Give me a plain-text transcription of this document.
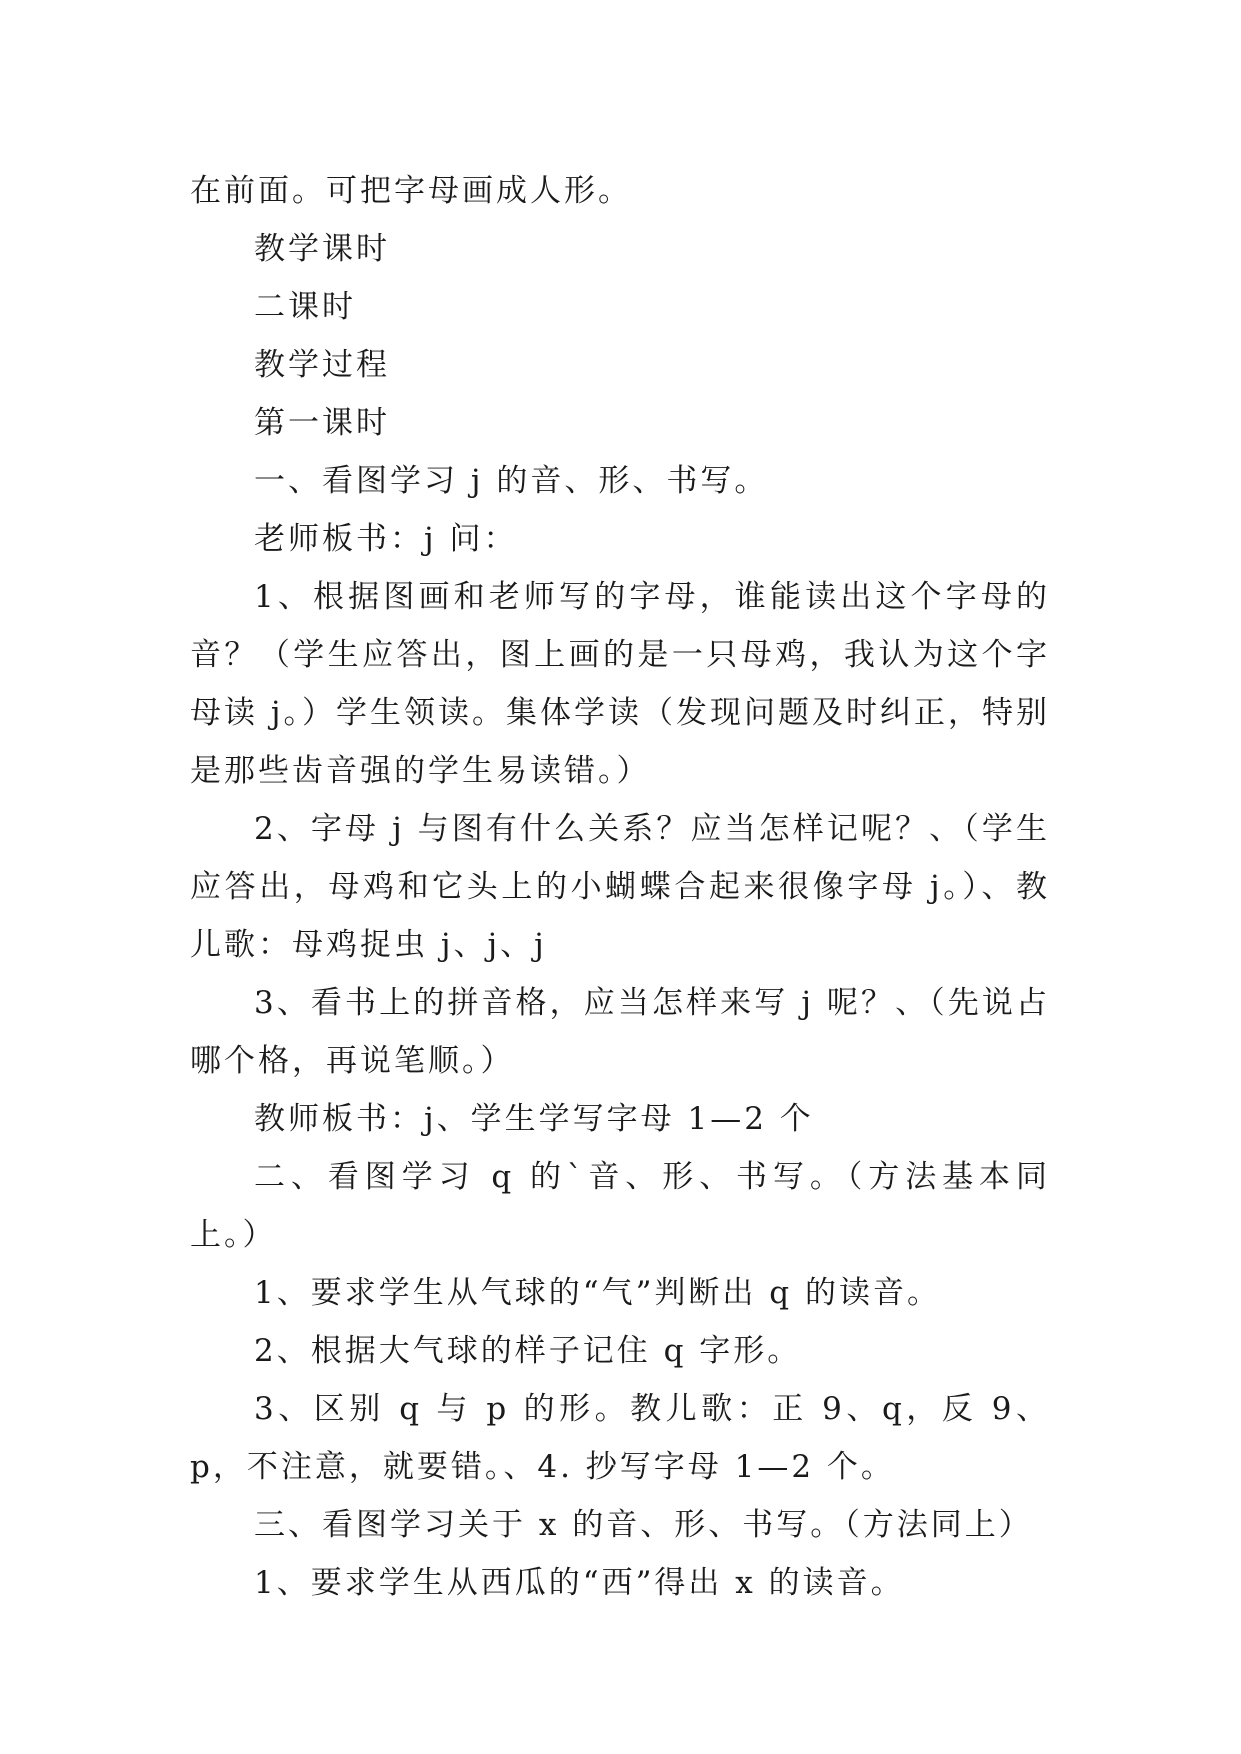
在前面。可把字母画成人形。

教学课时

二课时

教学过程

第一课时

一、看图学习 j 的音、形、书写。

老师板书：j 问：

1、根据图画和老师写的字母，谁能读出这个字母的音？（学生应答出，图上画的是一只母鸡，我认为这个字母读 j。）学生领读。集体学读（发现问题及时纠正，特别是那些齿音强的学生易读错。）

2、字母 j 与图有什么关系？应当怎样记呢？、（学生应答出，母鸡和它头上的小蝴蝶合起来很像字母 j。）、教儿歌：母鸡捉虫 j、j、j

3、看书上的拼音格，应当怎样来写 j 呢？、（先说占哪个格，再说笔顺。）

教师板书：j、学生学写字母 1—2 个

二、看图学习 q 的`音、形、书写。（方法基本同上。）

1、要求学生从气球的“气”判断出 q 的读音。

2、根据大气球的样子记住 q 字形。

3、区别 q 与 p 的形。教儿歌：正 9、q，反 9、p，不注意，就要错。、4. 抄写字母 1—2 个。

三、看图学习关于 x 的音、形、书写。（方法同上）

1、要求学生从西瓜的“西”得出 x 的读音。
